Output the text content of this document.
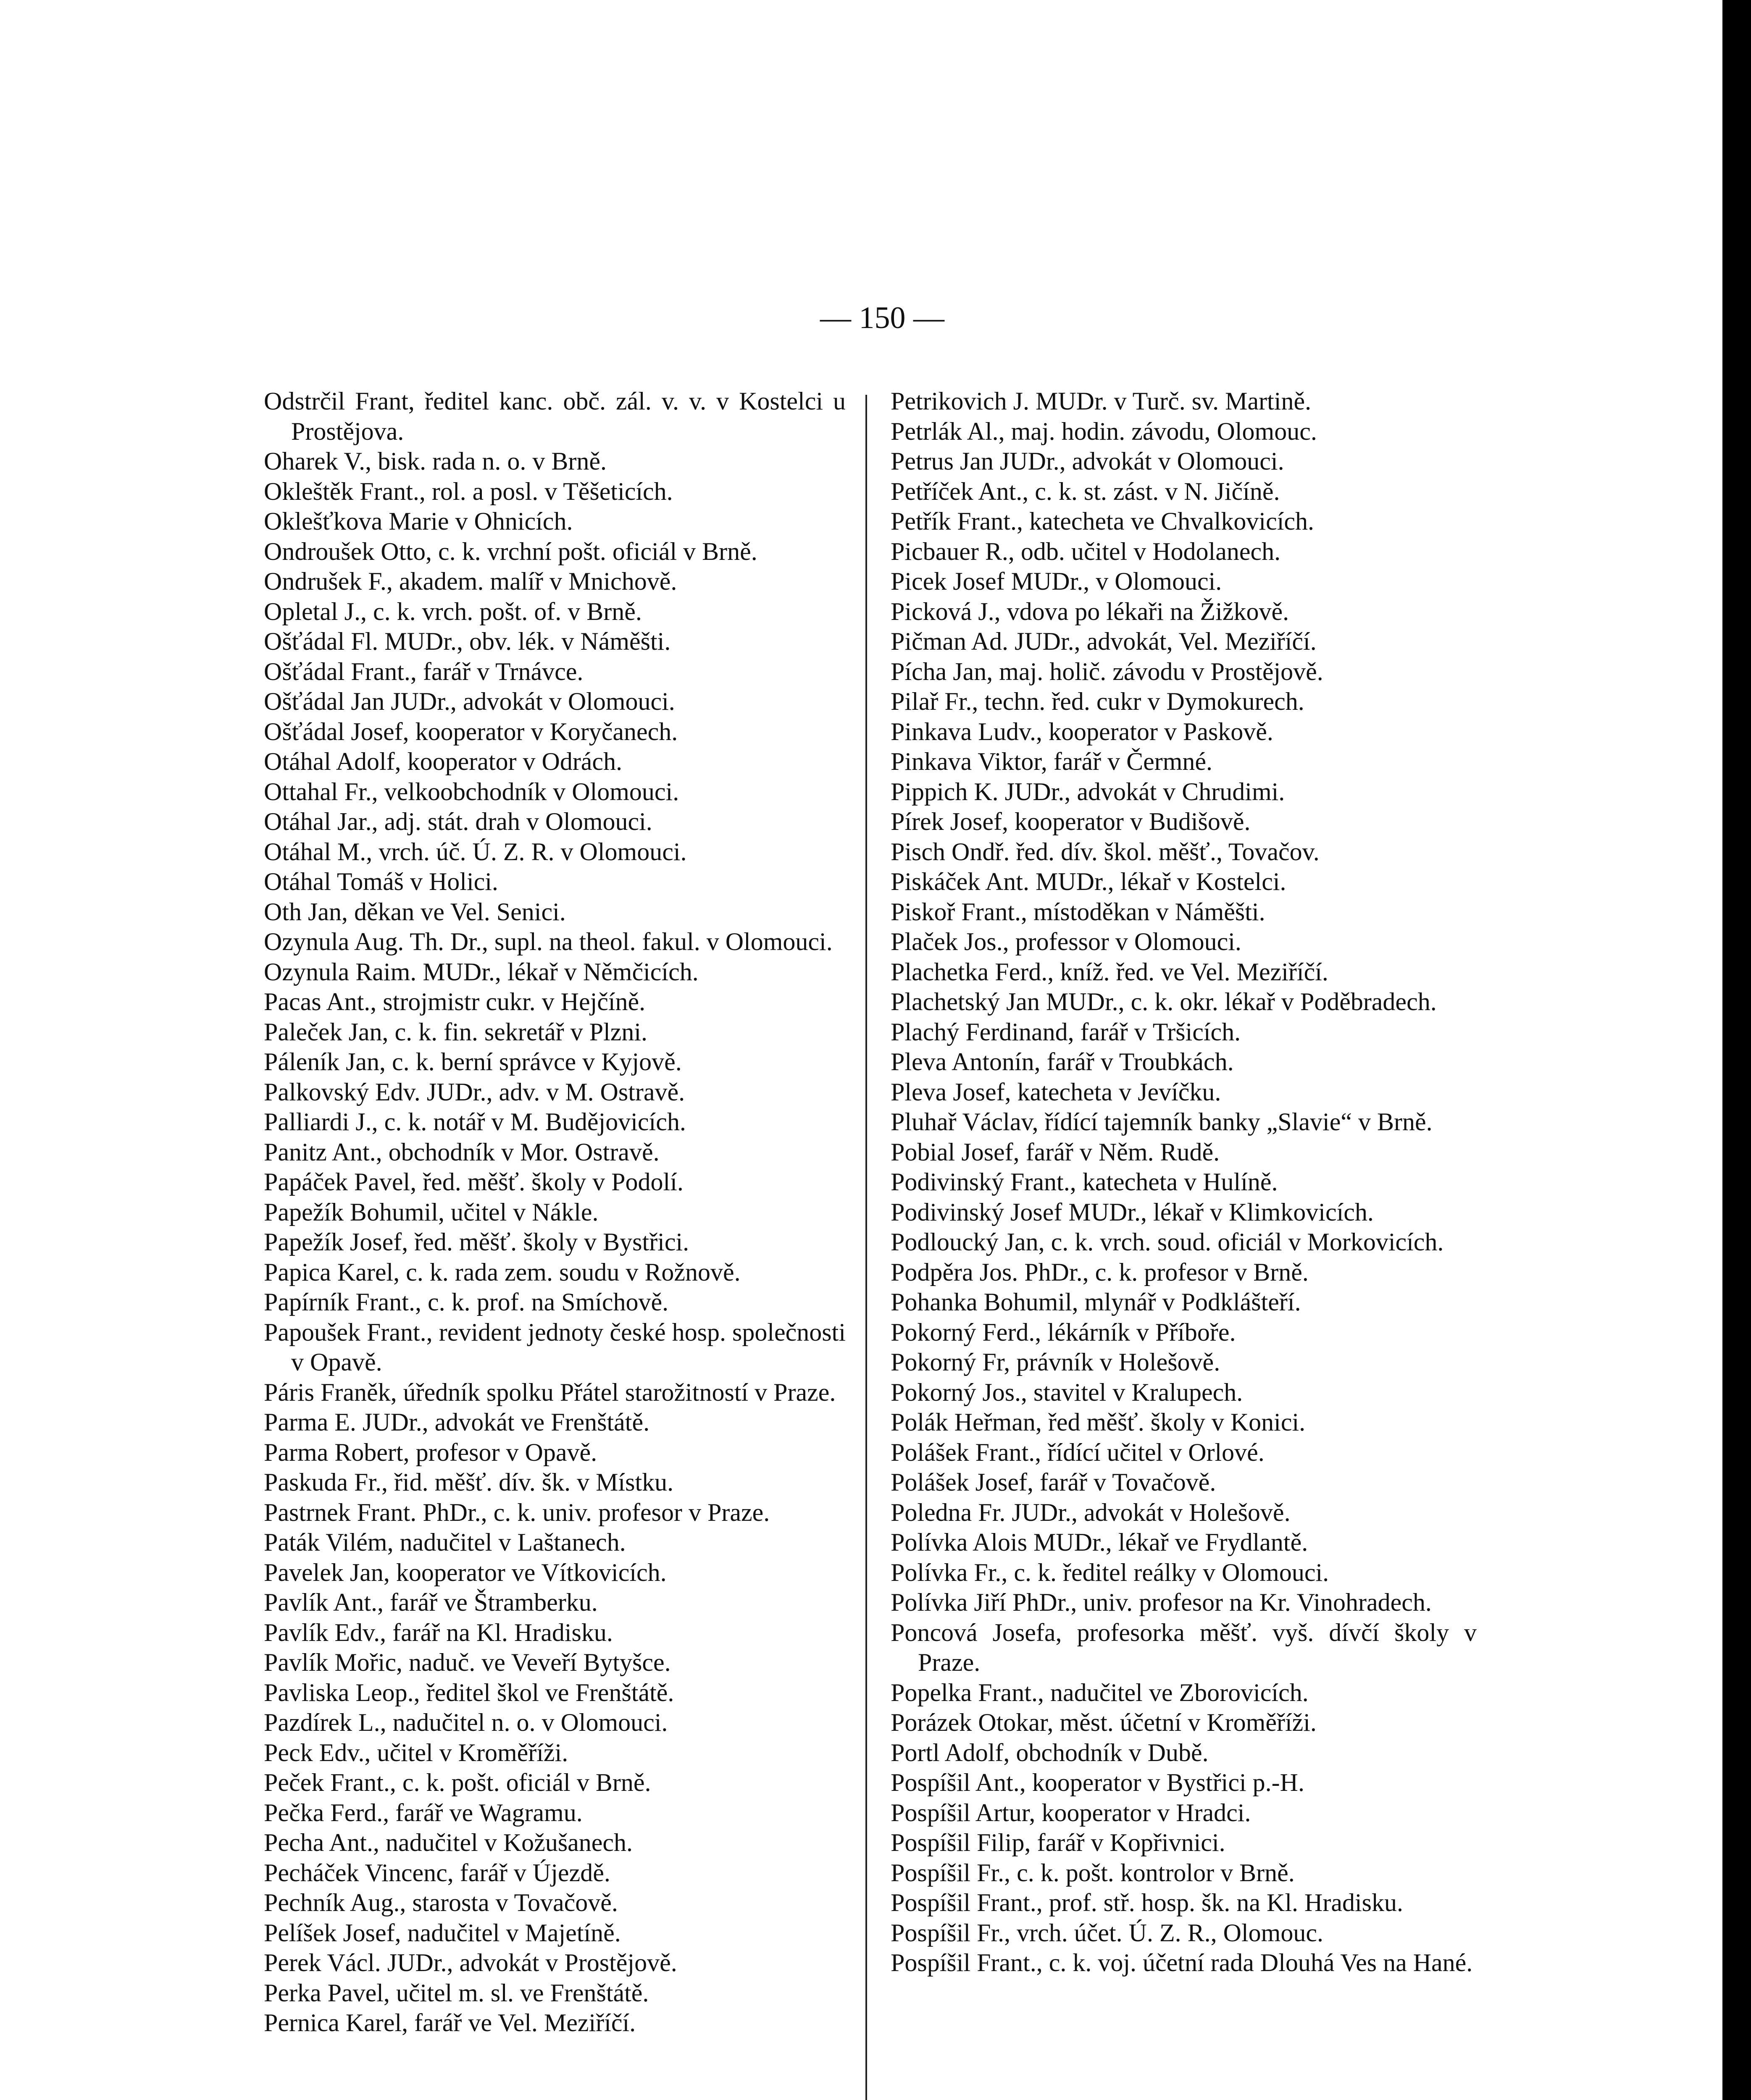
— 150 —
Odstrčil Frant, ředitel kanc. obč. zál. v. v. v Kostelci u Prostějova.
Oharek V., bisk. rada n. o. v Brně.
Okleštěk Frant., rol. a posl. v Těšeticích.
Oklešťkova Marie v Ohnicích.
Ondroušek Otto, c. k. vrchní pošt. oficiál v Brně.
Ondrušek F., akadem. malíř v Mnichově.
Opletal J., c. k. vrch. pošt. of. v Brně.
Ošťádal Fl. MUDr., obv. lék. v Náměšti.
Ošťádal Frant., farář v Trnávce.
Ošťádal Jan JUDr., advokát v Olomouci.
Ošťádal Josef, kooperator v Koryčanech.
Otáhal Adolf, kooperator v Odrách.
Ottahal Fr., velkoobchodník v Olomouci.
Otáhal Jar., adj. stát. drah v Olomouci.
Otáhal M., vrch. úč. Ú. Z. R. v Olomouci.
Otáhal Tomáš v Holici.
Oth Jan, děkan ve Vel. Senici.
Ozynula Aug. Th. Dr., supl. na theol. fakul. v Olomouci.
Ozynula Raim. MUDr., lékař v Němčicích.
Pacas Ant., strojmistr cukr. v Hejčíně.
Paleček Jan, c. k. fin. sekretář v Plzni.
Páleník Jan, c. k. berní správce v Kyjově.
Palkovský Edv. JUDr., adv. v M. Ostravě.
Palliardi J., c. k. notář v M. Budějovicích.
Panitz Ant., obchodník v Mor. Ostravě.
Papáček Pavel, řed. měšť. školy v Podolí.
Papežík Bohumil, učitel v Nákle.
Papežík Josef, řed. měšť. školy v Bystřici.
Papica Karel, c. k. rada zem. soudu v Rožnově.
Papírník Frant., c. k. prof. na Smíchově.
Papoušek Frant., revident jednoty české hosp. společnosti v Opavě.
Páris Franěk, úředník spolku Přátel starožitností v Praze.
Parma E. JUDr., advokát ve Frenštátě.
Parma Robert, profesor v Opavě.
Paskuda Fr., řid. měšť. dív. šk. v Místku.
Pastrnek Frant. PhDr., c. k. univ. profesor v Praze.
Paták Vilém, nadučitel v Laštanech.
Pavelek Jan, kooperator ve Vítkovicích.
Pavlík Ant., farář ve Štramberku.
Pavlík Edv., farář na Kl. Hradisku.
Pavlík Mořic, naduč. ve Veveří Bytyšce.
Pavliska Leop., ředitel škol ve Frenštátě.
Pazdírek L., nadučitel n. o. v Olomouci.
Peck Edv., učitel v Kroměříži.
Peček Frant., c. k. pošt. oficiál v Brně.
Pečka Ferd., farář ve Wagramu.
Pecha Ant., nadučitel v Kožušanech.
Pecháček Vincenc, farář v Újezdě.
Pechník Aug., starosta v Tovačově.
Pelíšek Josef, nadučitel v Majetíně.
Perek Václ. JUDr., advokát v Prostějově.
Perka Pavel, učitel m. sl. ve Frenštátě.
Pernica Karel, farář ve Vel. Meziříčí.
Petrikovich J. MUDr. v Turč. sv. Martině.
Petrlák Al., maj. hodin. závodu, Olomouc.
Petrus Jan JUDr., advokát v Olomouci.
Petříček Ant., c. k. st. zást. v N. Jičíně.
Petřík Frant., katecheta ve Chvalkovicích.
Picbauer R., odb. učitel v Hodolanech.
Picek Josef MUDr., v Olomouci.
Picková J., vdova po lékaři na Žižkově.
Pičman Ad. JUDr., advokát, Vel. Meziříčí.
Pícha Jan, maj. holič. závodu v Prostějově.
Pilař Fr., techn. řed. cukr v Dymokurech.
Pinkava Ludv., kooperator v Paskově.
Pinkava Viktor, farář v Čermné.
Pippich K. JUDr., advokát v Chrudimi.
Pírek Josef, kooperator v Budišově.
Pisch Ondř. řed. dív. škol. měšť., Tovačov.
Piskáček Ant. MUDr., lékař v Kostelci.
Piskoř Frant., místoděkan v Náměšti.
Plaček Jos., professor v Olomouci.
Plachetka Ferd., kníž. řed. ve Vel. Meziříčí.
Plachetský Jan MUDr., c. k. okr. lékař v Poděbradech.
Plachý Ferdinand, farář v Tršicích.
Pleva Antonín, farář v Troubkách.
Pleva Josef, katecheta v Jevíčku.
Pluhař Václav, řídící tajemník banky „Slavie“ v Brně.
Pobial Josef, farář v Něm. Rudě.
Podivinský Frant., katecheta v Hulíně.
Podivinský Josef MUDr., lékař v Klimkovicích.
Podloucký Jan, c. k. vrch. soud. oficiál v Morkovicích.
Podpěra Jos. PhDr., c. k. profesor v Brně.
Pohanka Bohumil, mlynář v Podklášteří.
Pokorný Ferd., lékárník v Příboře.
Pokorný Fr, právník v Holešově.
Pokorný Jos., stavitel v Kralupech.
Polák Heřman, řed měšť. školy v Konici.
Polášek Frant., řídící učitel v Orlové.
Polášek Josef, farář v Tovačově.
Poledna Fr. JUDr., advokát v Holešově.
Polívka Alois MUDr., lékař ve Frydlantě.
Polívka Fr., c. k. ředitel reálky v Olomouci.
Polívka Jiří PhDr., univ. profesor na Kr. Vinohradech.
Poncová Josefa, profesorka měšť. vyš. dívčí školy v Praze.
Popelka Frant., nadučitel ve Zborovicích.
Porázek Otokar, měst. účetní v Kroměříži.
Portl Adolf, obchodník v Dubě.
Pospíšil Ant., kooperator v Bystřici p.-H.
Pospíšil Artur, kooperator v Hradci.
Pospíšil Filip, farář v Kopřivnici.
Pospíšil Fr., c. k. pošt. kontrolor v Brně.
Pospíšil Frant., prof. stř. hosp. šk. na Kl. Hradisku.
Pospíšil Fr., vrch. účet. Ú. Z. R., Olomouc.
Pospíšil Frant., c. k. voj. účetní rada Dlouhá Ves na Hané.
